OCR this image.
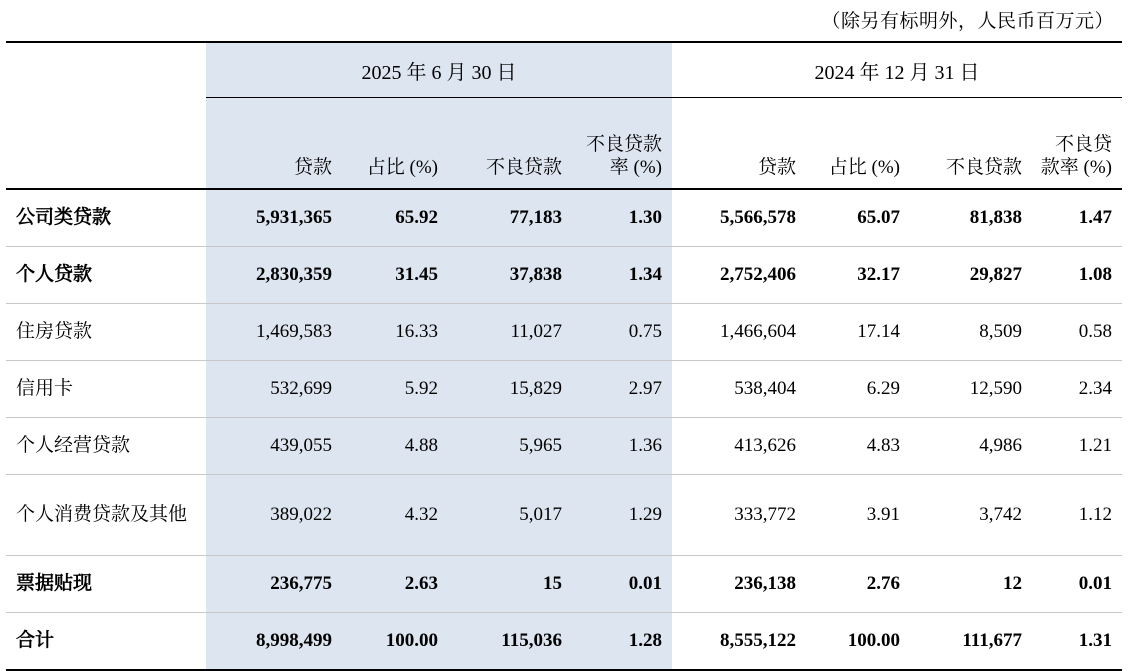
（除另有标明外，人民币百万元）
	2025 年 6 月 30 日				2024 年 12 月 31 日			
	贷款	占比 (%)	不良贷款	不良贷款率 (%)	贷款	占比 (%)	不良贷款	不良贷款率 (%)
公司类贷款	5,931,365	65.92	77,183	1.30	5,566,578	65.07	81,838	1.47
个人贷款	2,830,359	31.45	37,838	1.34	2,752,406	32.17	29,827	1.08
住房贷款	1,469,583	16.33	11,027	0.75	1,466,604	17.14	8,509	0.58
信用卡	532,699	5.92	15,829	2.97	538,404	6.29	12,590	2.34
个人经营贷款	439,055	4.88	5,965	1.36	413,626	4.83	4,986	1.21
个人消费贷款及其他	389,022	4.32	5,017	1.29	333,772	3.91	3,742	1.12
票据贴现	236,775	2.63	15	0.01	236,138	2.76	12	0.01
合计	8,998,499	100.00	115,036	1.28	8,555,122	100.00	111,677	1.31
